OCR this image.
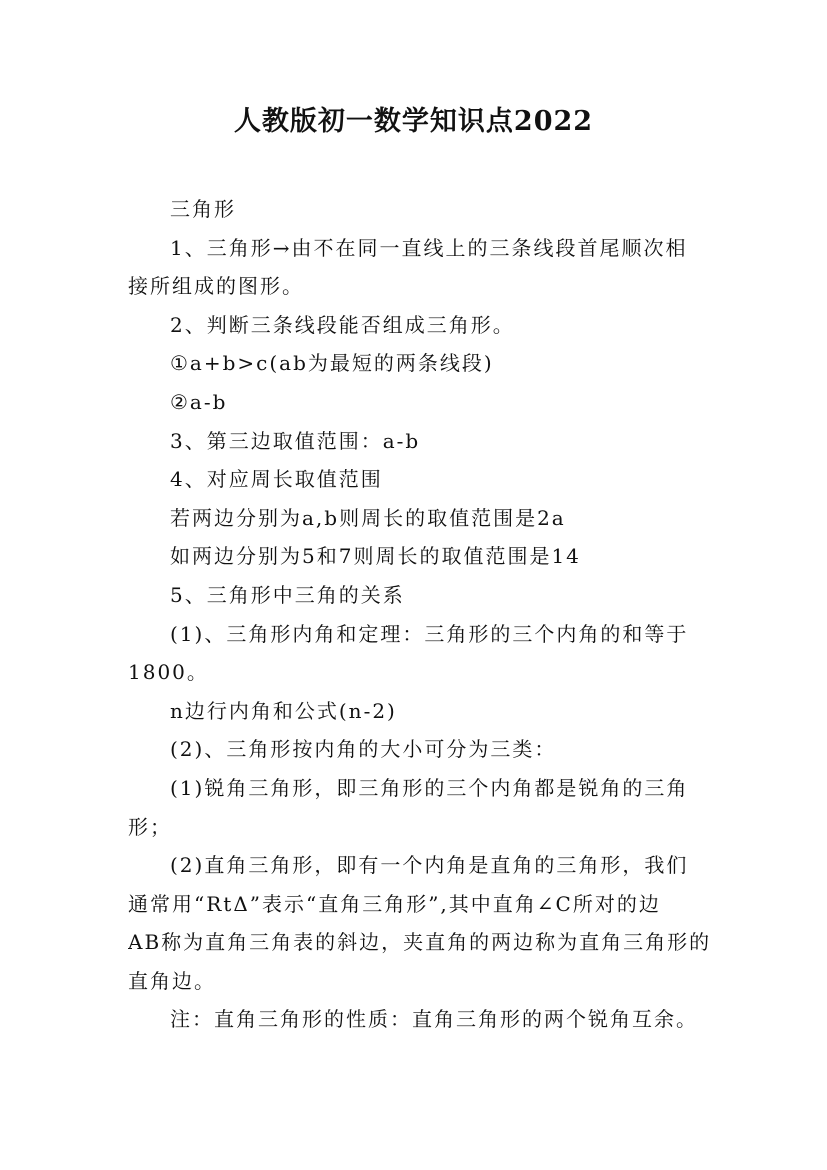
人教版初一数学知识点2022
三角形
1、三角形→由不在同一直线上的三条线段首尾顺次相
接所组成的图形。
2、判断三条线段能否组成三角形。
①a+b>c(ab为最短的两条线段)
②a-b
3、第三边取值范围：a-b
4、对应周长取值范围
若两边分别为a,b则周长的取值范围是2a
如两边分别为5和7则周长的取值范围是14
5、三角形中三角的关系
(1)、三角形内角和定理：三角形的三个内角的和等于
1800。
n边行内角和公式(n-2)
(2)、三角形按内角的大小可分为三类：
(1)锐角三角形，即三角形的三个内角都是锐角的三角
形；
(2)直角三角形，即有一个内角是直角的三角形，我们
通常用“RtΔ”表示“直角三角形”,其中直角∠C所对的边
AB称为直角三角表的斜边，夹直角的两边称为直角三角形的
直角边。
注：直角三角形的性质：直角三角形的两个锐角互余。
